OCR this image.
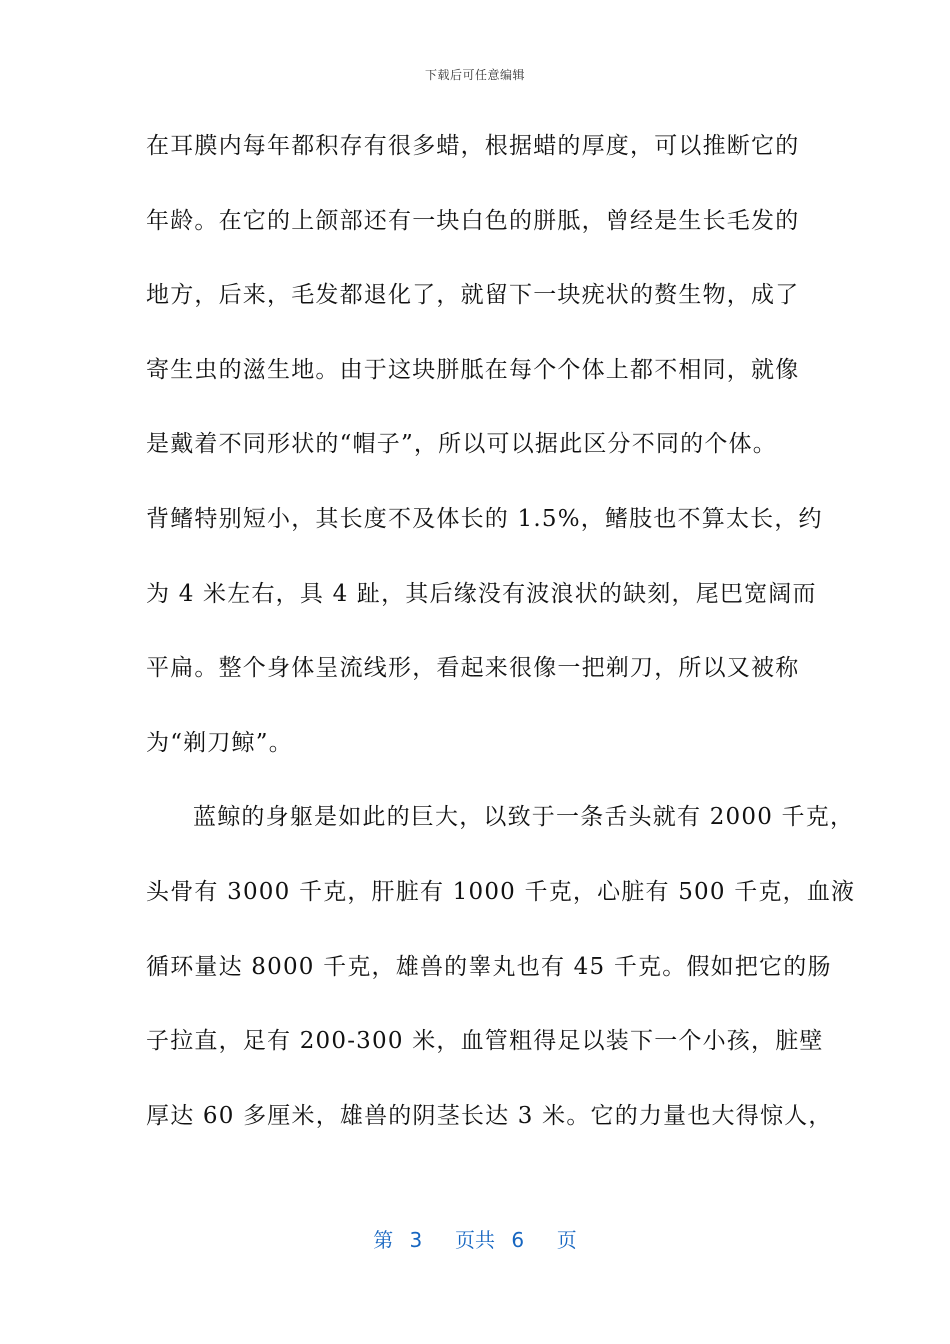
下载后可任意编辑
在耳膜内每年都积存有很多蜡，根据蜡的厚度，可以推断它的
年龄。在它的上颌部还有一块白色的胼胝，曾经是生长毛发的
地方，后来，毛发都退化了，就留下一块疣状的赘生物，成了
寄生虫的滋生地。由于这块胼胝在每个个体上都不相同，就像
是戴着不同形状的“帽子”，所以可以据此区分不同的个体。
背鳍特别短小，其长度不及体长的 1.5%，鳍肢也不算太长，约
为 4 米左右，具 4 趾，其后缘没有波浪状的缺刻，尾巴宽阔而
平扁。整个身体呈流线形，看起来很像一把剃刀，所以又被称
为“剃刀鲸”。
蓝鲸的身躯是如此的巨大，以致于一条舌头就有 2000 千克，
头骨有 3000 千克，肝脏有 1000 千克，心脏有 500 千克，血液
循环量达 8000 千克，雄兽的睾丸也有 45 千克。假如把它的肠
子拉直，足有 200-300 米，血管粗得足以装下一个小孩，脏壁
厚达 60 多厘米，雄兽的阴茎长达 3 米。它的力量也大得惊人，
第 3  页共 6  页
